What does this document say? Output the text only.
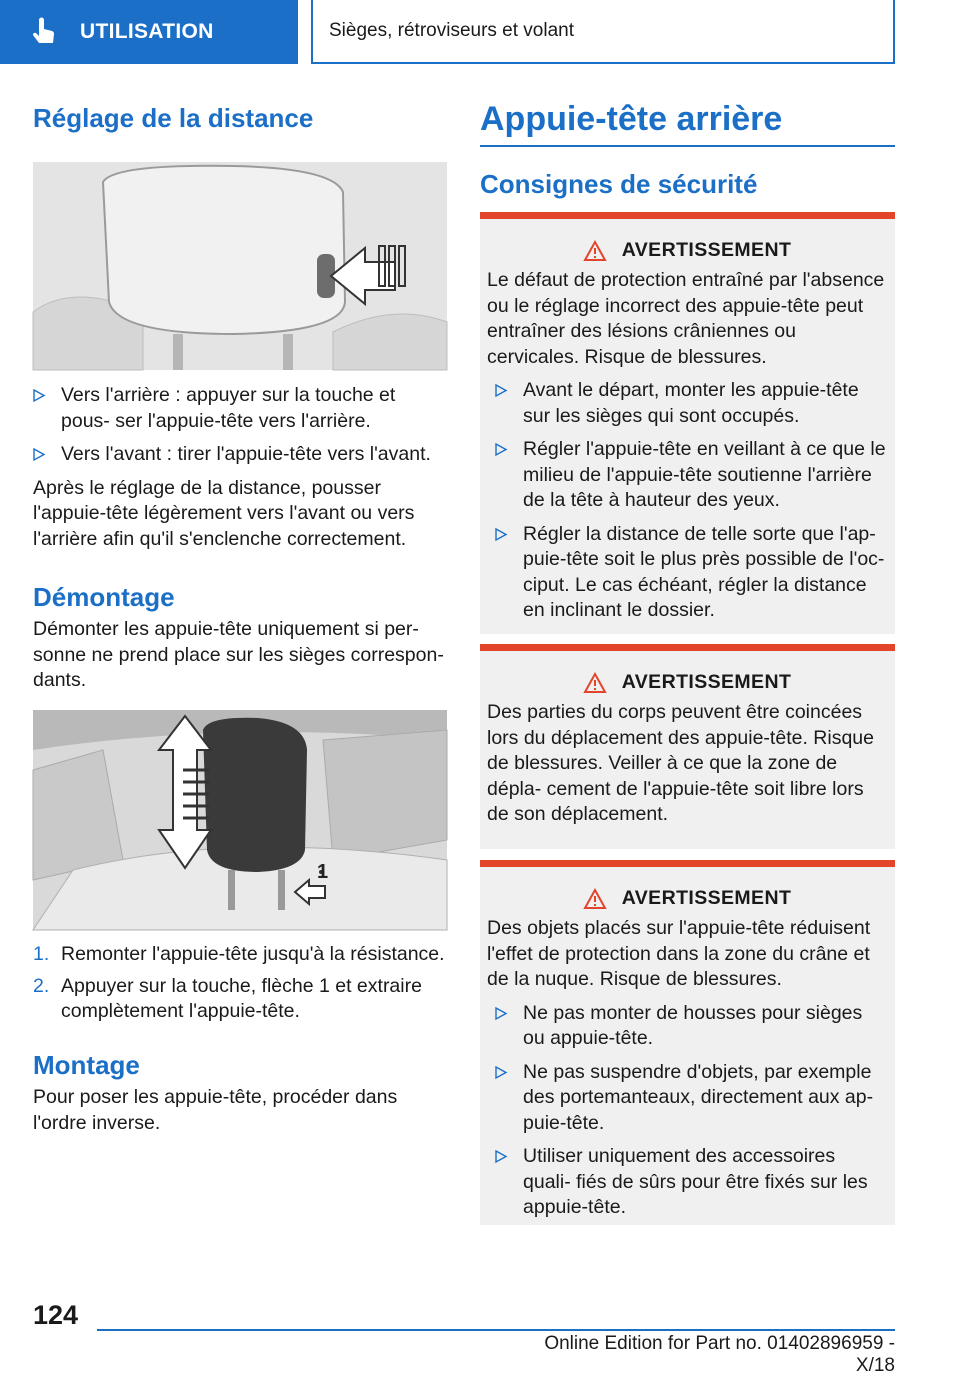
UTILISATION	Sièges, rétroviseurs et volant
Réglage de la distance
Vers l'arrière : appuyer sur la touche et pous‐ ser l'appuie-tête vers l'arrière.
Vers l'avant : tirer l'appuie-tête vers l'avant.
Après le réglage de la distance, pousser l'appuie-tête légèrement vers l'avant ou vers l'arrière afin qu'il s'enclenche correctement.
Démontage
Démonter les appuie-tête uniquement si per‐ sonne ne prend place sur les sièges correspon‐ dants.
1
1. Remonter l'appuie-tête jusqu'à la résistance.
2. Appuyer sur la touche, flèche 1 et extraire complètement l'appuie-tête.
Montage
Pour poser les appuie-tête, procéder dans l'ordre inverse.
Appuie-tête arrière
Consignes de sécurité
AVERTISSEMENT
Le défaut de protection entraîné par l'absence ou le réglage incorrect des appuie-tête peut entraîner des lésions crâniennes ou cervicales. Risque de blessures.
Avant le départ, monter les appuie-tête sur les sièges qui sont occupés.
Régler l'appuie-tête en veillant à ce que le milieu de l'appuie-tête soutienne l'arrière de la tête à hauteur des yeux.
Régler la distance de telle sorte que l'ap‐ puie-tête soit le plus près possible de l'oc‐ ciput. Le cas échéant, régler la distance en inclinant le dossier.
AVERTISSEMENT
Des parties du corps peuvent être coincées lors du déplacement des appuie-tête. Risque de blessures. Veiller à ce que la zone de dépla‐ cement de l'appuie-tête soit libre lors de son déplacement.
AVERTISSEMENT
Des objets placés sur l'appuie-tête réduisent l'effet de protection dans la zone du crâne et de la nuque. Risque de blessures.
Ne pas monter de housses pour sièges ou appuie-tête.
Ne pas suspendre d'objets, par exemple des portemanteaux, directement aux ap‐ puie-tête.
Utiliser uniquement des accessoires quali‐ fiés de sûrs pour être fixés sur les appuie-tête.
124
Online Edition for Part no. 01402896959 - X/18
